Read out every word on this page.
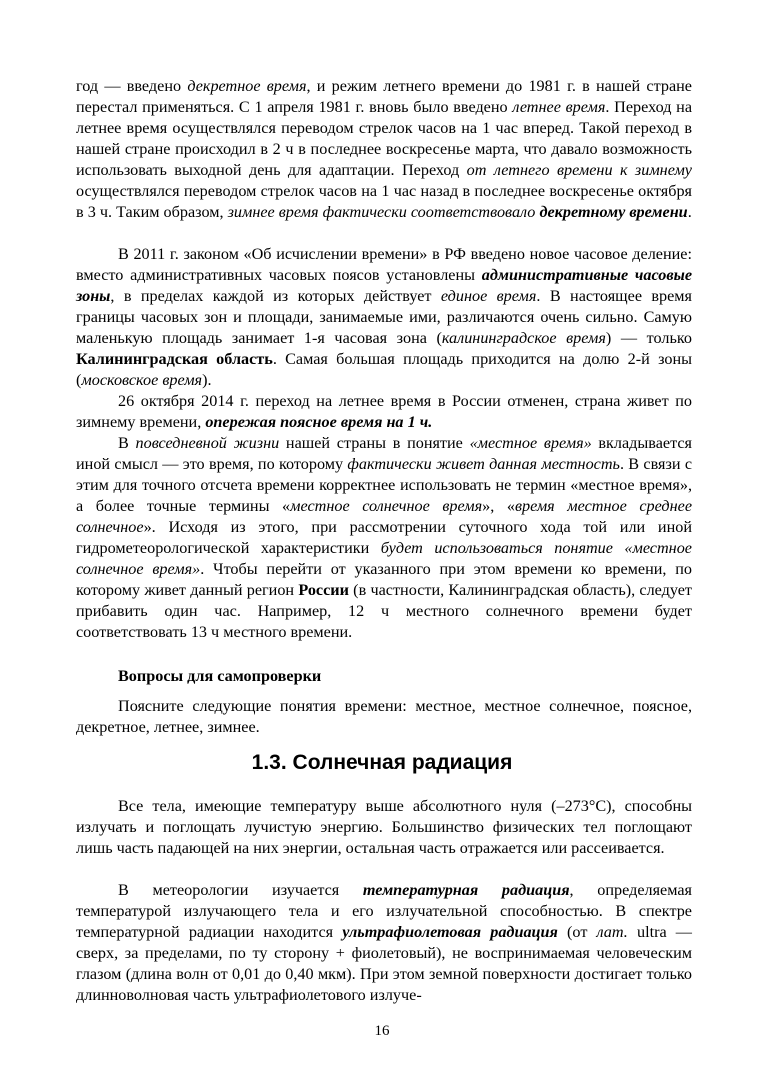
год — введено декретное время, и режим летнего времени до 1981 г. в нашей стране перестал применяться. С 1 апреля 1981 г. вновь было введено летнее время. Переход на летнее время осуществлялся переводом стрелок часов на 1 час вперед. Такой переход в нашей стране происходил в 2 ч в последнее воскресенье марта, что давало возможность использовать выходной день для адаптации. Переход от летнего времени к зимнему осуществлялся переводом стрелок часов на 1 час назад в последнее воскресенье октября в 3 ч. Таким образом, зимнее время фактически соответствовало декретному времени.

В 2011 г. законом «Об исчислении времени» в РФ введено новое часовое деление: вместо административных часовых поясов установлены административные часовые зоны, в пределах каждой из которых действует единое время. В настоящее время границы часовых зон и площади, занимаемые ими, различаются очень сильно. Самую маленькую площадь занимает 1-я часовая зона (калининградское время) — только Калининградская область. Самая большая площадь приходится на долю 2-й зоны (московское время).

26 октября 2014 г. переход на летнее время в России отменен, страна живет по зимнему времени, опережая поясное время на 1 ч.

В повседневной жизни нашей страны в понятие «местное время» вкладывается иной смысл — это время, по которому фактически живет данная местность. В связи с этим для точного отсчета времени корректнее использовать не термин «местное время», а более точные термины «местное солнечное время», «время местное среднее солнечное». Исходя из этого, при рассмотрении суточного хода той или иной гидрометеорологической характеристики будет использоваться понятие «местное солнечное время». Чтобы перейти от указанного при этом времени ко времени, по которому живет данный регион России (в частности, Калининградская область), следует прибавить один час. Например, 12 ч местного солнечного времени будет соответствовать 13 ч местного времени.

Вопросы для самопроверки

Поясните следующие понятия времени: местное, местное солнечное, поясное, декретное, летнее, зимнее.

1.3. Солнечная радиация

Все тела, имеющие температуру выше абсолютного нуля (–273°С), способны излучать и поглощать лучистую энергию. Большинство физических тел поглощают лишь часть падающей на них энергии, остальная часть отражается или рассеивается.

В метеорологии изучается температурная радиация, определяемая температурой излучающего тела и его излучательной способностью. В спектре температурной радиации находится ультрафиолетовая радиация (от лат. ultra — сверх, за пределами, по ту сторону + фиолетовый), не воспринимаемая человеческим глазом (длина волн от 0,01 до 0,40 мкм). При этом земной поверхности достигает только длинноволновая часть ультрафиолетового излуче-

16
